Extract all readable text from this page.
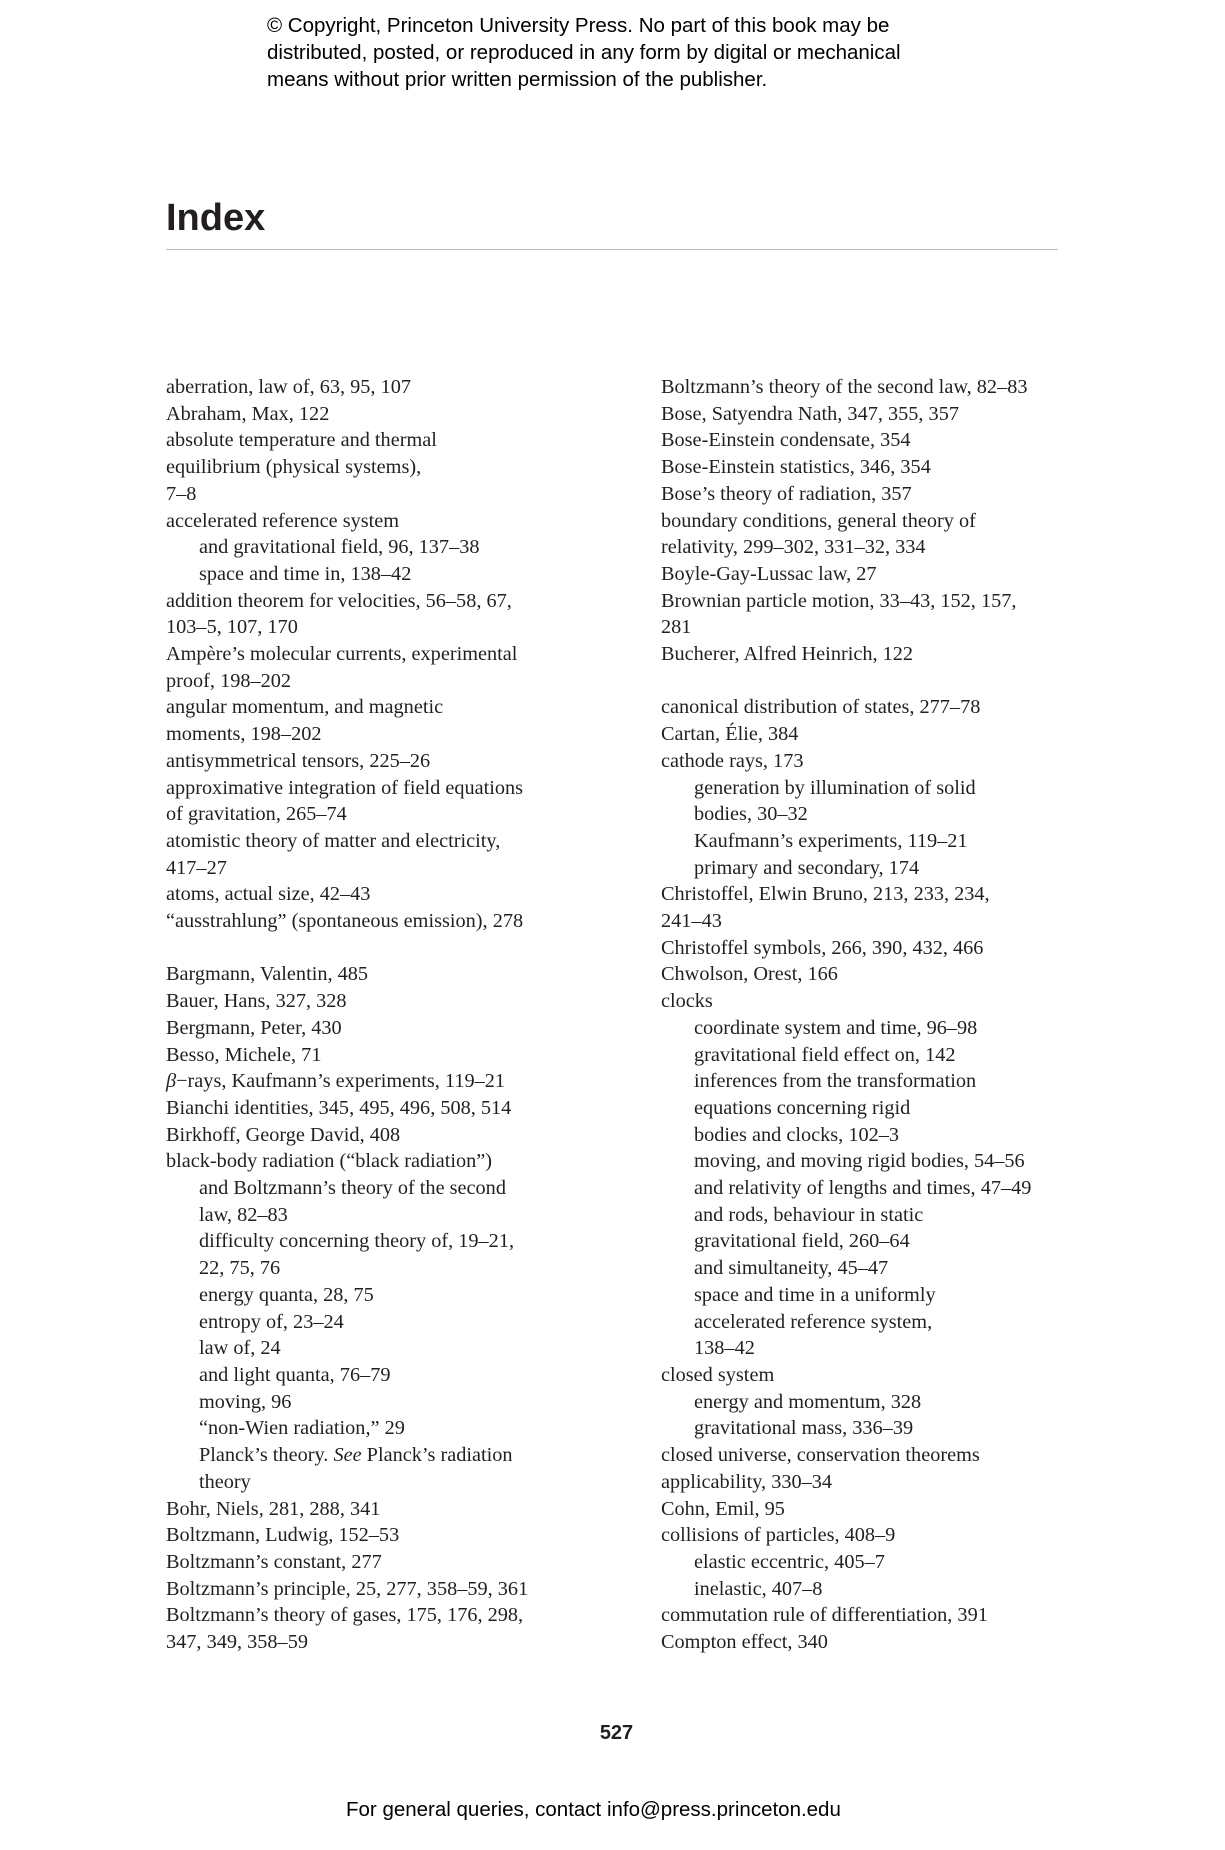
© Copyright, Princeton University Press. No part of this book may be
distributed, posted, or reproduced in any form by digital or mechanical
means without prior written permission of the publisher.
Index
aberration, law of, 63, 95, 107
Abraham, Max, 122
absolute temperature and thermal
equilibrium (physical systems),
7–8
accelerated reference system
and gravitational field, 96, 137–38
space and time in, 138–42
addition theorem for velocities, 56–58, 67,
103–5, 107, 170
Ampère’s molecular currents, experimental
proof, 198–202
angular momentum, and magnetic
moments, 198–202
antisymmetrical tensors, 225–26
approximative integration of field equations
of gravitation, 265–74
atomistic theory of matter and electricity,
417–27
atoms, actual size, 42–43
“ausstrahlung” (spontaneous emission), 278
Bargmann, Valentin, 485
Bauer, Hans, 327, 328
Bergmann, Peter, 430
Besso, Michele, 71
β−rays, Kaufmann’s experiments, 119–21
Bianchi identities, 345, 495, 496, 508, 514
Birkhoff, George David, 408
black-body radiation (“black radiation”)
and Boltzmann’s theory of the second
law, 82–83
difficulty concerning theory of, 19–21,
22, 75, 76
energy quanta, 28, 75
entropy of, 23–24
law of, 24
and light quanta, 76–79
moving, 96
“non-Wien radiation,” 29
Planck’s theory. See Planck’s radiation
theory
Bohr, Niels, 281, 288, 341
Boltzmann, Ludwig, 152–53
Boltzmann’s constant, 277
Boltzmann’s principle, 25, 277, 358–59, 361
Boltzmann’s theory of gases, 175, 176, 298,
347, 349, 358–59
Boltzmann’s theory of the second law, 82–83
Bose, Satyendra Nath, 347, 355, 357
Bose-Einstein condensate, 354
Bose-Einstein statistics, 346, 354
Bose’s theory of radiation, 357
boundary conditions, general theory of
relativity, 299–302, 331–32, 334
Boyle-Gay-Lussac law, 27
Brownian particle motion, 33–43, 152, 157,
281
Bucherer, Alfred Heinrich, 122
canonical distribution of states, 277–78
Cartan, Élie, 384
cathode rays, 173
generation by illumination of solid
bodies, 30–32
Kaufmann’s experiments, 119–21
primary and secondary, 174
Christoffel, Elwin Bruno, 213, 233, 234,
241–43
Christoffel symbols, 266, 390, 432, 466
Chwolson, Orest, 166
clocks
coordinate system and time, 96–98
gravitational field effect on, 142
inferences from the transformation
equations concerning rigid
bodies and clocks, 102–3
moving, and moving rigid bodies, 54–56
and relativity of lengths and times, 47–49
and rods, behaviour in static
gravitational field, 260–64
and simultaneity, 45–47
space and time in a uniformly
accelerated reference system,
138–42
closed system
energy and momentum, 328
gravitational mass, 336–39
closed universe, conservation theorems
applicability, 330–34
Cohn, Emil, 95
collisions of particles, 408–9
elastic eccentric, 405–7
inelastic, 407–8
commutation rule of differentiation, 391
Compton effect, 340

527

For general queries, contact info@press.princeton.edu
